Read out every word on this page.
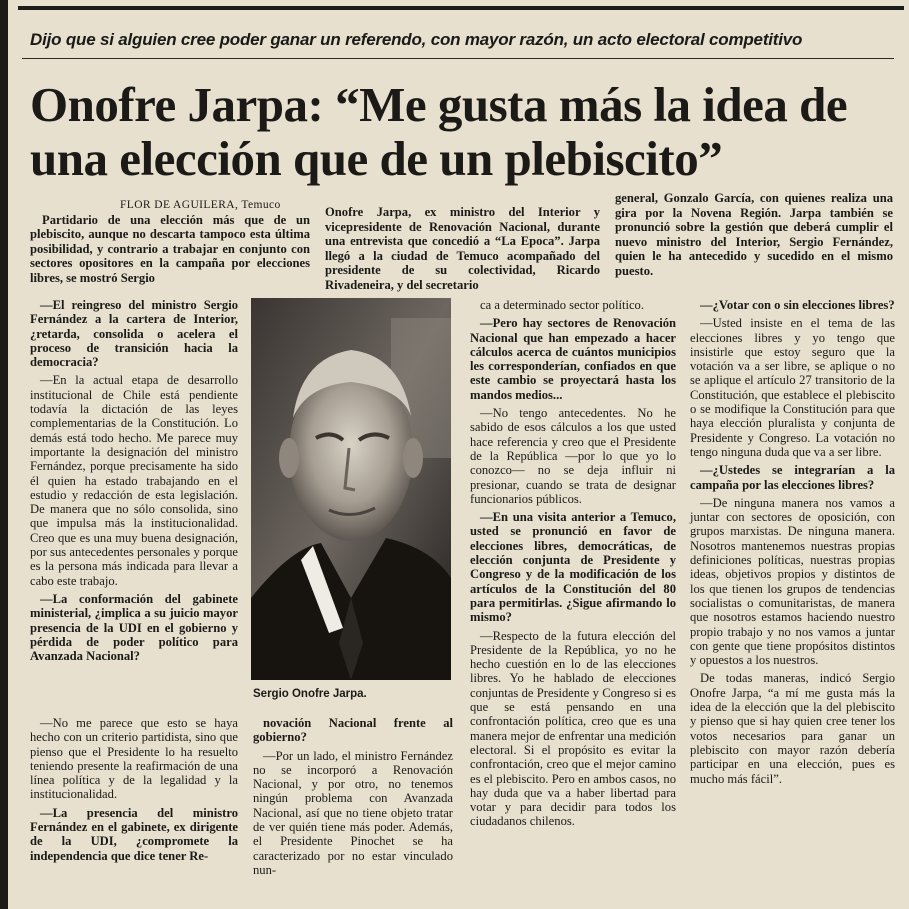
Dijo que si alguien cree poder ganar un referendo, con mayor razón, un acto electoral competitivo
Onofre Jarpa: “Me gusta más la idea de una elección que de un plebiscito”
FLOR DE AGUILERA, Temuco
Partidario de una elección más que de un plebiscito, aunque no descarta tampoco esta última posibilidad, y contrario a trabajar en conjunto con sectores opositores en la campaña por elecciones libres, se mostró Sergio
Onofre Jarpa, ex ministro del Interior y vicepresidente de Renovación Nacional, durante una entrevista que concedió a “La Epoca”. Jarpa llegó a la ciudad de Temuco acompañado del presidente de su colectividad, Ricardo Rivadeneira, y del secretario
general, Gonzalo García, con quienes realiza una gira por la Novena Región. Jarpa también se pronunció sobre la gestión que deberá cumplir el nuevo ministro del Interior, Sergio Fernández, quien le ha antecedido y sucedido en el mismo puesto.

—El reingreso del ministro Sergio Fernández a la cartera de Interior, ¿retarda, consolida o acelera el proceso de transición hacia la democracia?

—En la actual etapa de desarrollo institucional de Chile está pendiente todavía la dictación de las leyes complementarias de la Constitución. Lo demás está todo hecho. Me parece muy importante la designación del ministro Fernández, porque precisamente ha sido él quien ha estado trabajando en el estudio y redacción de esta legislación. De manera que no sólo consolida, sino que impulsa más la institucionalidad. Creo que es una muy buena designación, por sus antecedentes personales y porque es la persona más indicada para llevar a cabo este trabajo.

—La conformación del gabinete ministerial, ¿implica a su juicio mayor presencia de la UDI en el gobierno y pérdida de poder político para Avanzada Nacional?

—No me parece que esto se haya hecho con un criterio partidista, sino que pienso que el Presidente lo ha resuelto teniendo presente la reafirmación de una línea política y de la legalidad y la institucionalidad.

—La presencia del ministro Fernández en el gabinete, ex dirigente de la UDI, ¿compromete la independencia que dice tener Re-

Sergio Onofre Jarpa.

novación Nacional frente al gobierno?

—Por un lado, el ministro Fernández no se incorporó a Renovación Nacional, y por otro, no tenemos ningún problema con Avanzada Nacional, así que no tiene objeto tratar de ver quién tiene más poder. Además, el Presidente Pinochet se ha caracterizado por no estar vinculado nun-

ca a determinado sector político.

—Pero hay sectores de Renovación Nacional que han empezado a hacer cálculos acerca de cuántos municipios les corresponderían, confiados en que este cambio se proyectará hasta los mandos medios...

—No tengo antecedentes. No he sabido de esos cálculos a los que usted hace referencia y creo que el Presidente de la República —por lo que yo lo conozco— no se deja influir ni presionar, cuando se trata de designar funcionarios públicos.

—En una visita anterior a Temuco, usted se pronunció en favor de elecciones libres, democráticas, de elección conjunta de Presidente y Congreso y de la modificación de los artículos de la Constitución del 80 para permitirlas. ¿Sigue afirmando lo mismo?

—Respecto de la futura elección del Presidente de la República, yo no he hecho cuestión en lo de las elecciones libres. Yo he hablado de elecciones conjuntas de Presidente y Congreso si es que se está pensando en una confrontación política, creo que es una manera mejor de enfrentar una medición electoral. Si el propósito es evitar la confrontación, creo que el mejor camino es el plebiscito. Pero en ambos casos, no hay duda que va a haber libertad para votar y para decidir para todos los ciudadanos chilenos.

—¿Votar con o sin elecciones libres?

—Usted insiste en el tema de las elecciones libres y yo tengo que insistirle que estoy seguro que la votación va a ser libre, se aplique o no se aplique el artículo 27 transitorio de la Constitución, que establece el plebiscito o se modifique la Constitución para que haya elección pluralista y conjunta de Presidente y Congreso. La votación no tengo ninguna duda que va a ser libre.

—¿Ustedes se integrarían a la campaña por las elecciones libres?

—De ninguna manera nos vamos a juntar con sectores de oposición, con grupos marxistas. De ninguna manera. Nosotros mantenemos nuestras propias definiciones políticas, nuestras propias ideas, objetivos propios y distintos de los que tienen los grupos de tendencias socialistas o comunitaristas, de manera que nosotros estamos haciendo nuestro propio trabajo y no nos vamos a juntar con gente que tiene propósitos distintos y opuestos a los nuestros.

De todas maneras, indicó Sergio Onofre Jarpa, “a mí me gusta más la idea de la elección que la del plebiscito y pienso que si hay quien cree tener los votos necesarios para ganar un plebiscito con mayor razón debería participar en una elección, pues es mucho más fácil”.
